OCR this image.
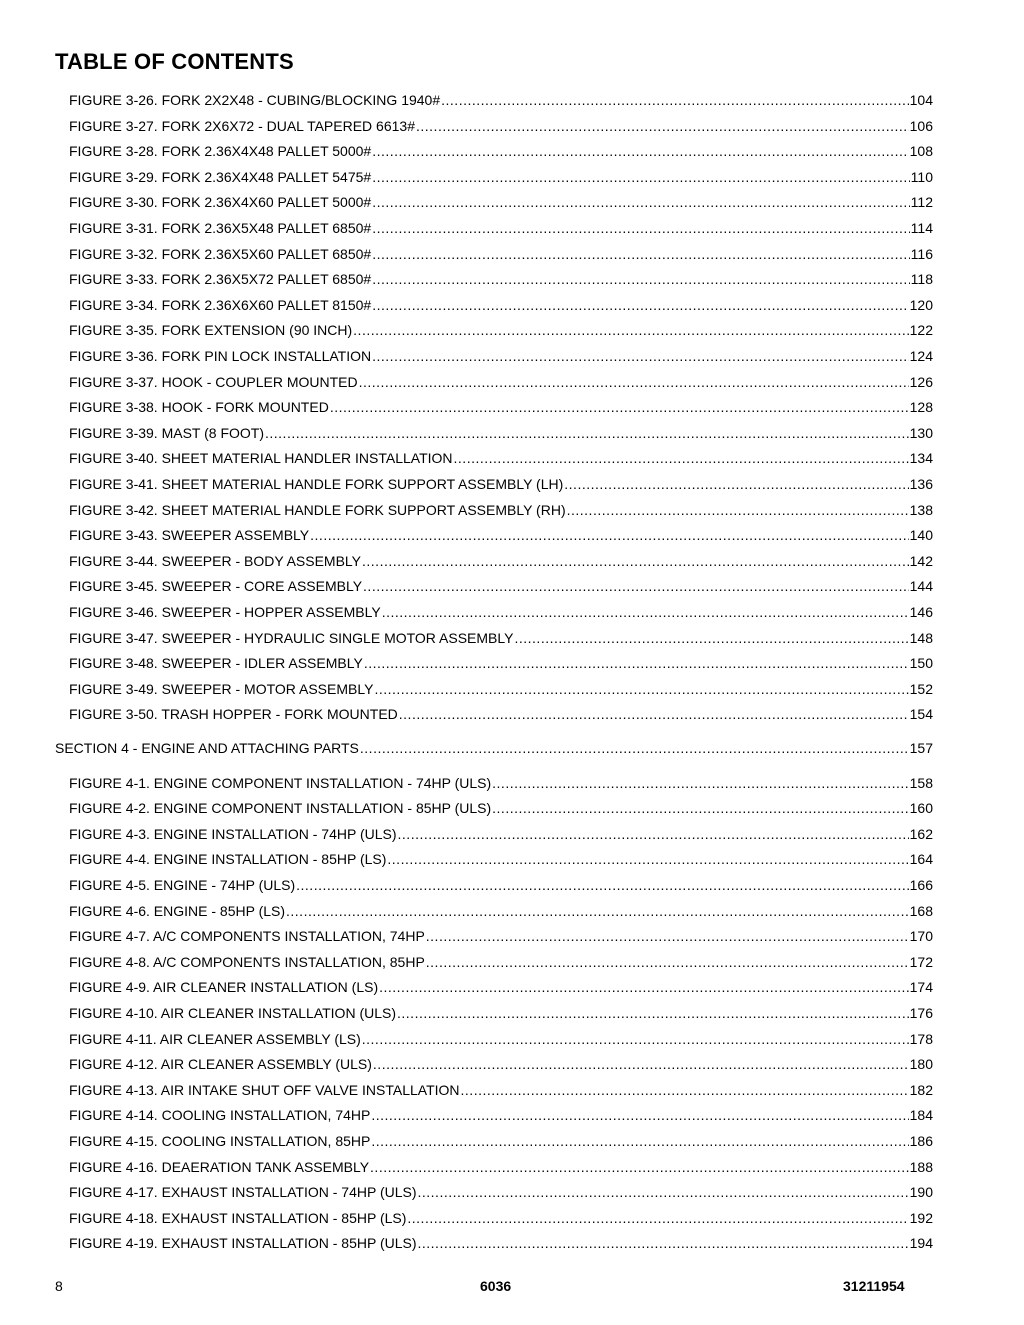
TABLE OF CONTENTS
FIGURE 3-26. FORK 2X2X48 - CUBING/BLOCKING 1940# .....	104
FIGURE 3-27. FORK 2X6X72 - DUAL TAPERED 6613# .....	106
FIGURE 3-28. FORK 2.36X4X48 PALLET 5000# .....	108
FIGURE 3-29. FORK 2.36X4X48 PALLET 5475# .....	110
FIGURE 3-30. FORK 2.36X4X60 PALLET 5000# .....	112
FIGURE 3-31. FORK 2.36X5X48 PALLET 6850# .....	114
FIGURE 3-32. FORK 2.36X5X60 PALLET 6850# .....	116
FIGURE 3-33. FORK 2.36X5X72 PALLET 6850# .....	118
FIGURE 3-34. FORK 2.36X6X60 PALLET 8150# .....	120
FIGURE 3-35. FORK EXTENSION (90 INCH) .....	122
FIGURE 3-36. FORK PIN LOCK INSTALLATION .....	124
FIGURE 3-37. HOOK - COUPLER MOUNTED .....	126
FIGURE 3-38. HOOK - FORK MOUNTED .....	128
FIGURE 3-39. MAST (8 FOOT) .....	130
FIGURE 3-40. SHEET MATERIAL HANDLER INSTALLATION .....	134
FIGURE 3-41. SHEET MATERIAL HANDLE FORK SUPPORT ASSEMBLY (LH) .....	136
FIGURE 3-42. SHEET MATERIAL HANDLE FORK SUPPORT ASSEMBLY (RH) .....	138
FIGURE 3-43. SWEEPER ASSEMBLY .....	140
FIGURE 3-44. SWEEPER - BODY ASSEMBLY .....	142
FIGURE 3-45. SWEEPER - CORE ASSEMBLY .....	144
FIGURE 3-46. SWEEPER - HOPPER ASSEMBLY .....	146
FIGURE 3-47. SWEEPER - HYDRAULIC SINGLE MOTOR ASSEMBLY .....	148
FIGURE 3-48. SWEEPER - IDLER ASSEMBLY .....	150
FIGURE 3-49. SWEEPER - MOTOR ASSEMBLY .....	152
FIGURE 3-50. TRASH HOPPER - FORK MOUNTED .....	154
SECTION 4 - ENGINE AND ATTACHING PARTS .....	157
FIGURE 4-1. ENGINE COMPONENT INSTALLATION - 74HP (ULS) .....	158
FIGURE 4-2. ENGINE COMPONENT INSTALLATION - 85HP (ULS) .....	160
FIGURE 4-3. ENGINE INSTALLATION - 74HP (ULS) .....	162
FIGURE 4-4. ENGINE INSTALLATION - 85HP (LS) .....	164
FIGURE 4-5. ENGINE - 74HP (ULS) .....	166
FIGURE 4-6. ENGINE - 85HP (LS) .....	168
FIGURE 4-7. A/C COMPONENTS INSTALLATION, 74HP .....	170
FIGURE 4-8. A/C COMPONENTS INSTALLATION, 85HP .....	172
FIGURE 4-9. AIR CLEANER INSTALLATION (LS) .....	174
FIGURE 4-10. AIR CLEANER INSTALLATION (ULS) .....	176
FIGURE 4-11. AIR CLEANER ASSEMBLY (LS) .....	178
FIGURE 4-12. AIR CLEANER ASSEMBLY (ULS) .....	180
FIGURE 4-13. AIR INTAKE SHUT OFF VALVE INSTALLATION .....	182
FIGURE 4-14. COOLING INSTALLATION, 74HP .....	184
FIGURE 4-15. COOLING INSTALLATION, 85HP .....	186
FIGURE 4-16. DEAERATION TANK ASSEMBLY .....	188
FIGURE 4-17. EXHAUST INSTALLATION - 74HP (ULS) .....	190
FIGURE 4-18. EXHAUST INSTALLATION - 85HP (LS) .....	192
FIGURE 4-19. EXHAUST INSTALLATION - 85HP (ULS) .....	194
8	6036	31211954
